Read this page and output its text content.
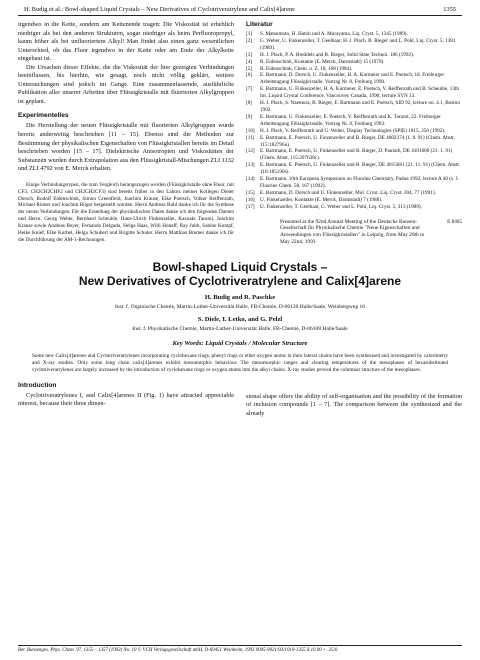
H. Budig et al.: Bowl-shaped Liquid Crystals – New Derivatives of Cyclotriveratrylene and Calix[4]arene	1355

irgendwo in die Kette, sondern am Kettenende tragen: Die Viskosität ist erheblich niedriger als bei den anderen Strukturen, sogar niedriger als beim Perfluoropropyl, kaum höher als bei unfluoriertem Alkyl! Man findet also einen ganz wesentlichen Unterschied, ob das Fluor irgendwo in der Kette oder am Ende der Alkylkette eingebaut ist.

Die Ursachen dieser Effekte, die die Viskosität der hier gezeigten Verbindungen beeinflussen, bis hierhin, wie gesagt, noch nicht völlig geklärt, weitere Untersuchungen sind jedoch im Gange. Eine zusammenfassende, ausführliche Publikation aller unserer Arbeiten über Flüssigkristalle mit fluorierten Alkylgruppen ist geplant.

Experimentelles

Die Herstellung der neuen Flüssigkristalle mit fluorierten Alkylgruppen wurde bereits anderweitig beschrieben [11 – 15]. Ebenso sind die Methoden zur Bestimmung der physikalischen Eigenschaften von Flüssigkristallen bereits im Detail beschrieben worden [15 – 17]. Dielektrische Anisotropien und Viskositäten der Substanzen wurden durch Extrapolation aus den Flüssigkristall-Mischungen ZLI 1132 und ZLI 4792 von E. Merck erhalten.

Einige Verbindungstypen, die zum Vergleich herangezogen wurden (Flüssigkristalle ohne Fluor, mit CF3, CH2CH2CHF2 und CH2CH2CF3) sind bereits früher in den Labors meiner Kollegen Dieter Dorsch, Rudolf Eidenschink, Simon Greenfield, Joachim Krause, Eike Poetsch, Volker Reiffenrath, Michael Römer und Joachim Rüger hergestellt worden. Herrn Andreas Ruhl danke ich für die Synthese der neuen Verbindungen. Für die Erstellung der physikalischen Daten danke ich den folgenden Damen und Herrn: Georg Weber, Bernhard Scheuble, Hans-Ulrich Finkenzeller, Kazuaki Tarumi, Joachim Krause sowie Andreas Beyer, Fernando Delgado, Helga Haas, Willi Honeff, Ray Jubb, Sabine Kumpf, Heike Knief, Elke Kurbel, Helga Schubert und Brigitte Schuler. Herrn Matthias Bremer danke ich für die Durchführung der AM-1-Rechnungen.

Literatur
[1]	S. Matsumoto, H. Hatoh und A. Murayama, Liq. Cryst. 5, 1345 (1989).
[2]	G. Weber, U. Finkenzeller, T. Geelhaar, H. J. Plach, B. Rieger und L. Pohl, Liq. Cryst. 5, 1381 (1989).
[3]	H. J. Plach, P. A. Breddels and B. Rieger, Solid State Technol. 186 (1992).
[4]	R. Eidenschink, Kontakte (E. Merck, Darmstadt) 15 (1979).
[5]	R. Eidenschink, Chem. u. Z. 18, 168 (1984).
[6]	E. Bartmann, D. Dorsch, U. Finkenzeller, H. A. Kurmeier und E. Poetsch, 18. Freiburger Arbeitstagung Flüssigkristalle, Vortrag Nr. 8, Freiburg 1990.
[7]	E. Bartmann, U. Finkenzeller, H. A. Kurmeier, E. Poetsch, V. Reiffenrath und B. Scheuble, 13th Int. Liquid Crystal Conference, Vancouver, Canada, 1990; lecture SYN 13.
[8]	H. J. Plach, S. Naemura, B. Rieger, E. Bartmann und E. Poetsch, SID 92, lecture no. 4.1, Boston 1992.
[9]	E. Bartmann, U. Finkenzeller, E. Poetsch, V. Reiffenrath und K. Tarumi, 22. Freiburger Arbeitstagung Flüssigkristalle, Vortrag Nr. 8, Freiburg 1993.
[10]	H. J. Plach, V. Reiffenrath und G. Weber, Display Technologies (SPIE) 1815, 256 (1992).
[11]	E. Bartmann, E. Poetsch, U. Finzenzeller und B. Rieger, DE 4002374 (1. 8. 91) (Chem. Abstr. 115:182796u).
[12]	E. Bartmann, E. Poetsch, U. Finkenzeller und B. Rieger, D. Pauluth, DE 4101600 (21. 1. 91) (Chem. Abstr. 115:207638c).
[13]	E. Bartmann, E. Poetsch, U. Finkenzeller und B. Rieger, DE 4015681 (21. 11. 91) (Chem. Abstr. 116:185190s).
[14]	E. Bartmann, 10th European Symposium on Fluorine Chemistry, Padua 1992; lecture A 40 (s. J. Fluorine Chem. 58, 167 (1992).
[15]	E. Bartmann, D. Dorsch und U. Finkenzeller, Mol. Cryst. Liq. Cryst. 204, 77 (1991).
[16]	U. Finkenzeller, Kontakte (E. Merck, Darmstadt) 7 (1988).
[17]	U. Finkenzeller, T. Geelhaar, G. Weber und L. Pohl, Liq. Cryst. 5, 313 (1989).
Presented at the 92nd Annual Meeting of the Deutsche Bunsen-Gesellschaft für Physikalische Chemie "Neue Eigenschaften und Anwendungen von Flüssigkristallen" in Leipzig, from May 20th to May 22nd, 1993
E 8405
Bowl-shaped Liquid Crystals –
New Derivatives of Cyclotriveratrylene and Calix[4]arene
H. Budig and R. Paschke
Inst. f. Organische Chemie, Martin-Luther-Universität Halle, FB-Chemie, D-06120 Halle/Saale, Weinbergweg 16
S. Diele, I. Letko, and G. Pelzl
Inst. f. Physikalische Chemie, Martin-Luther-Universität Halle, FB-Chemie, D-06108 Halle/Saale
Key Words: Liquid Crystals / Molecular Structure

Some new Calix[4]arenes and Cyclotriveratrylenes incorporating cyclohexane rings, phenyl rings or ether oxygen atoms in their lateral chains have been synthesised and investigated by calorimetry and X-ray studies. Only some long chain calix[4]arenes exhibit mesomorphic behaviour. The mesomorphic ranges and clearing temperatures of the mesophases of hexasubstituted cyclotriveratrylenes are largely increased by the introduction of cyclohexane rings or oxygen atoms into the alkyl chains. X-ray studies proved the columnar structure of the mesophases.

Introduction

Cyclotriveratrylenes I, and Calix[4]arenes II (Fig. 1) have attracted appreciable interest, because their three dimen-

sional shape offers the ability of self-organisation and the possibility of the formation of inclusion compounds [1 – 7]. The comparison between the synthesized and the already

Ber. Bunsenges. Phys. Chem. 97, 1355 – 1357 (1993) No. 10 © VCH Verlagsgesellschaft mbH, D-69451 Weinheim, 1993 0005-9021/93/1010-1355 $ 10.00 + .25/0
